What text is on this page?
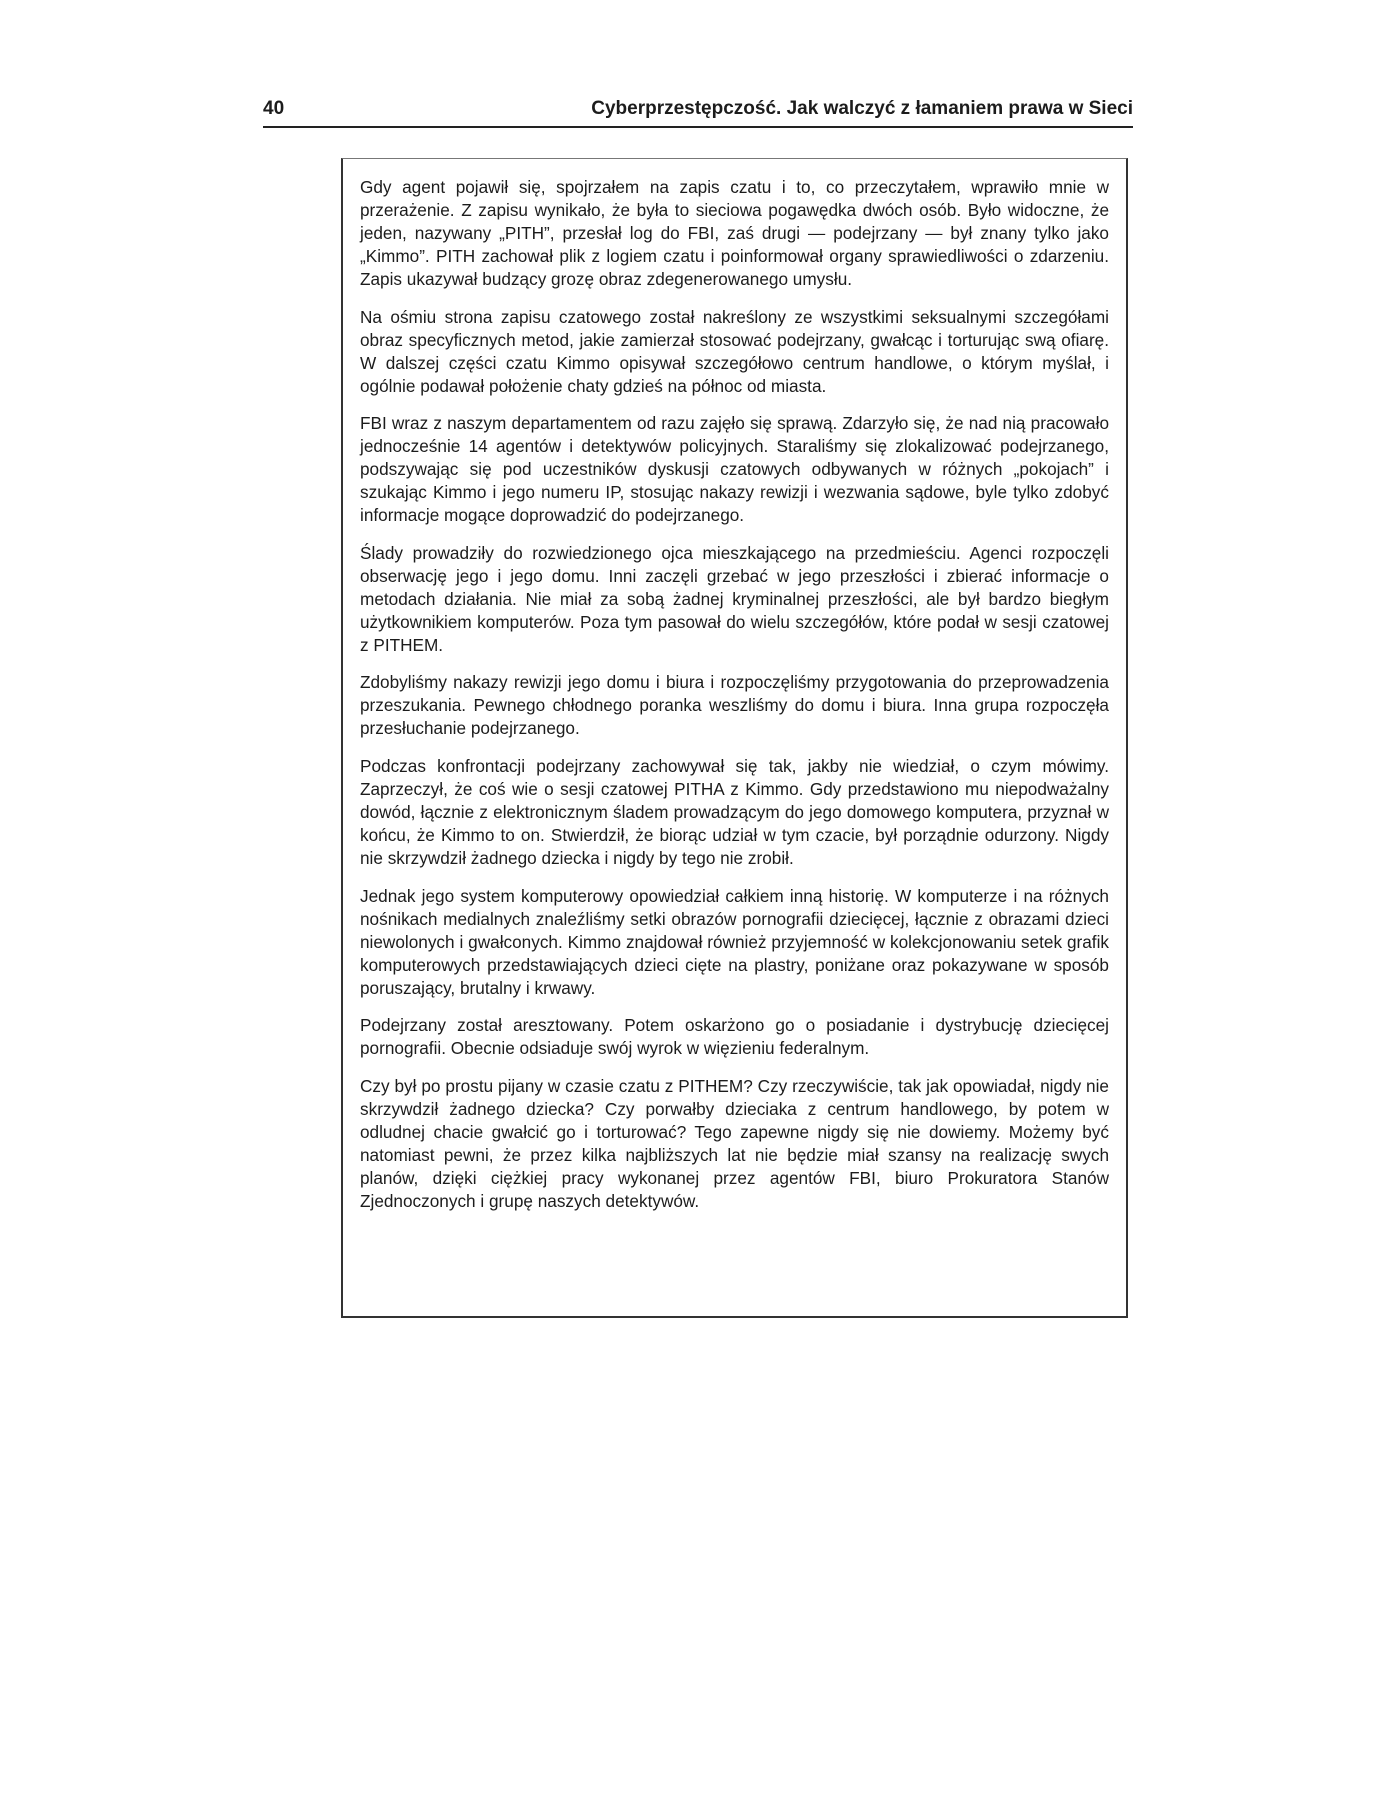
40	Cyberprzestępczość. Jak walczyć z łamaniem prawa w Sieci

Gdy agent pojawił się, spojrzałem na zapis czatu i to, co przeczytałem, wprawiło mnie w przerażenie. Z zapisu wynikało, że była to sieciowa pogawędka dwóch osób. Było widoczne, że jeden, nazywany „PITH”, przesłał log do FBI, zaś drugi — podejrzany — był znany tylko jako „Kimmo”. PITH zachował plik z logiem czatu i poinformował organy sprawiedliwości o zdarzeniu. Zapis ukazywał budzący grozę obraz zdegenerowanego umysłu.

Na ośmiu strona zapisu czatowego został nakreślony ze wszystkimi seksualnymi szczegółami obraz specyficznych metod, jakie zamierzał stosować podejrzany, gwałcąc i torturując swą ofiarę. W dalszej części czatu Kimmo opisywał szczegółowo centrum handlowe, o którym myślał, i ogólnie podawał położenie chaty gdzieś na północ od miasta.

FBI wraz z naszym departamentem od razu zajęło się sprawą. Zdarzyło się, że nad nią pracowało jednocześnie 14 agentów i detektywów policyjnych. Staraliśmy się zlokalizować podejrzanego, podszywając się pod uczestników dyskusji czatowych odbywanych w różnych „pokojach” i szukając Kimmo i jego numeru IP, stosując nakazy rewizji i wezwania sądowe, byle tylko zdobyć informacje mogące doprowadzić do podejrzanego.

Ślady prowadziły do rozwiedzionego ojca mieszkającego na przedmieściu. Agenci rozpoczęli obserwację jego i jego domu. Inni zaczęli grzebać w jego przeszłości i zbierać informacje o metodach działania. Nie miał za sobą żadnej kryminalnej przeszłości, ale był bardzo biegłym użytkownikiem komputerów. Poza tym pasował do wielu szczegółów, które podał w sesji czatowej z PITHEM.

Zdobyliśmy nakazy rewizji jego domu i biura i rozpoczęliśmy przygotowania do przeprowadzenia przeszukania. Pewnego chłodnego poranka weszliśmy do domu i biura. Inna grupa rozpoczęła przesłuchanie podejrzanego.

Podczas konfrontacji podejrzany zachowywał się tak, jakby nie wiedział, o czym mówimy. Zaprzeczył, że coś wie o sesji czatowej PITHA z Kimmo. Gdy przedstawiono mu niepodważalny dowód, łącznie z elektronicznym śladem prowadzącym do jego domowego komputera, przyznał w końcu, że Kimmo to on. Stwierdził, że biorąc udział w tym czacie, był porządnie odurzony. Nigdy nie skrzywdził żadnego dziecka i nigdy by tego nie zrobił.

Jednak jego system komputerowy opowiedział całkiem inną historię. W komputerze i na różnych nośnikach medialnych znaleźliśmy setki obrazów pornografii dziecięcej, łącznie z obrazami dzieci niewolonych i gwałconych. Kimmo znajdował również przyjemność w kolekcjonowaniu setek grafik komputerowych przedstawiających dzieci cięte na plastry, poniżane oraz pokazywane w sposób poruszający, brutalny i krwawy.

Podejrzany został aresztowany. Potem oskarżono go o posiadanie i dystrybucję dziecięcej pornografii. Obecnie odsiaduje swój wyrok w więzieniu federalnym.

Czy był po prostu pijany w czasie czatu z PITHEM? Czy rzeczywiście, tak jak opowiadał, nigdy nie skrzywdził żadnego dziecka? Czy porwałby dzieciaka z centrum handlowego, by potem w odludnej chacie gwałcić go i torturować? Tego zapewne nigdy się nie dowiemy. Możemy być natomiast pewni, że przez kilka najbliższych lat nie będzie miał szansy na realizację swych planów, dzięki ciężkiej pracy wykonanej przez agentów FBI, biuro Prokuratora Stanów Zjednoczonych i grupę naszych detektywów.
